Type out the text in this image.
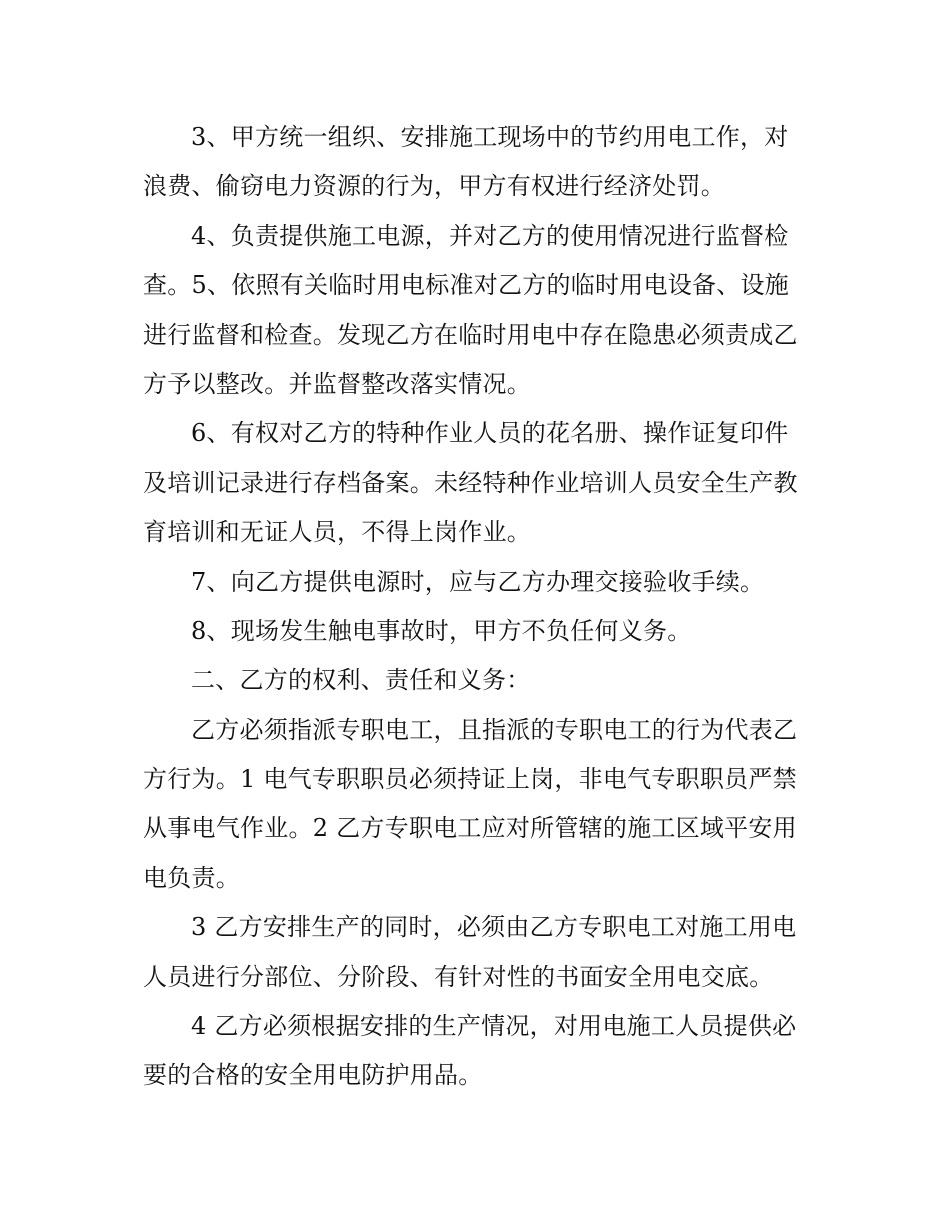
3、甲方统一组织、安排施工现场中的节约用电工作，对
浪费、偷窃电力资源的行为，甲方有权进行经济处罚。
4、负责提供施工电源，并对乙方的使用情况进行监督检
查。5、依照有关临时用电标准对乙方的临时用电设备、设施
进行监督和检查。发现乙方在临时用电中存在隐患必须责成乙
方予以整改。并监督整改落实情况。
6、有权对乙方的特种作业人员的花名册、操作证复印件
及培训记录进行存档备案。未经特种作业培训人员安全生产教
育培训和无证人员，不得上岗作业。
7、向乙方提供电源时，应与乙方办理交接验收手续。
8、现场发生触电事故时，甲方不负任何义务。
二、乙方的权利、责任和义务：
乙方必须指派专职电工，且指派的专职电工的行为代表乙
方行为。1 电气专职职员必须持证上岗，非电气专职职员严禁
从事电气作业。2 乙方专职电工应对所管辖的施工区域平安用
电负责。
3 乙方安排生产的同时，必须由乙方专职电工对施工用电
人员进行分部位、分阶段、有针对性的书面安全用电交底。
4 乙方必须根据安排的生产情况，对用电施工人员提供必
要的合格的安全用电防护用品。
